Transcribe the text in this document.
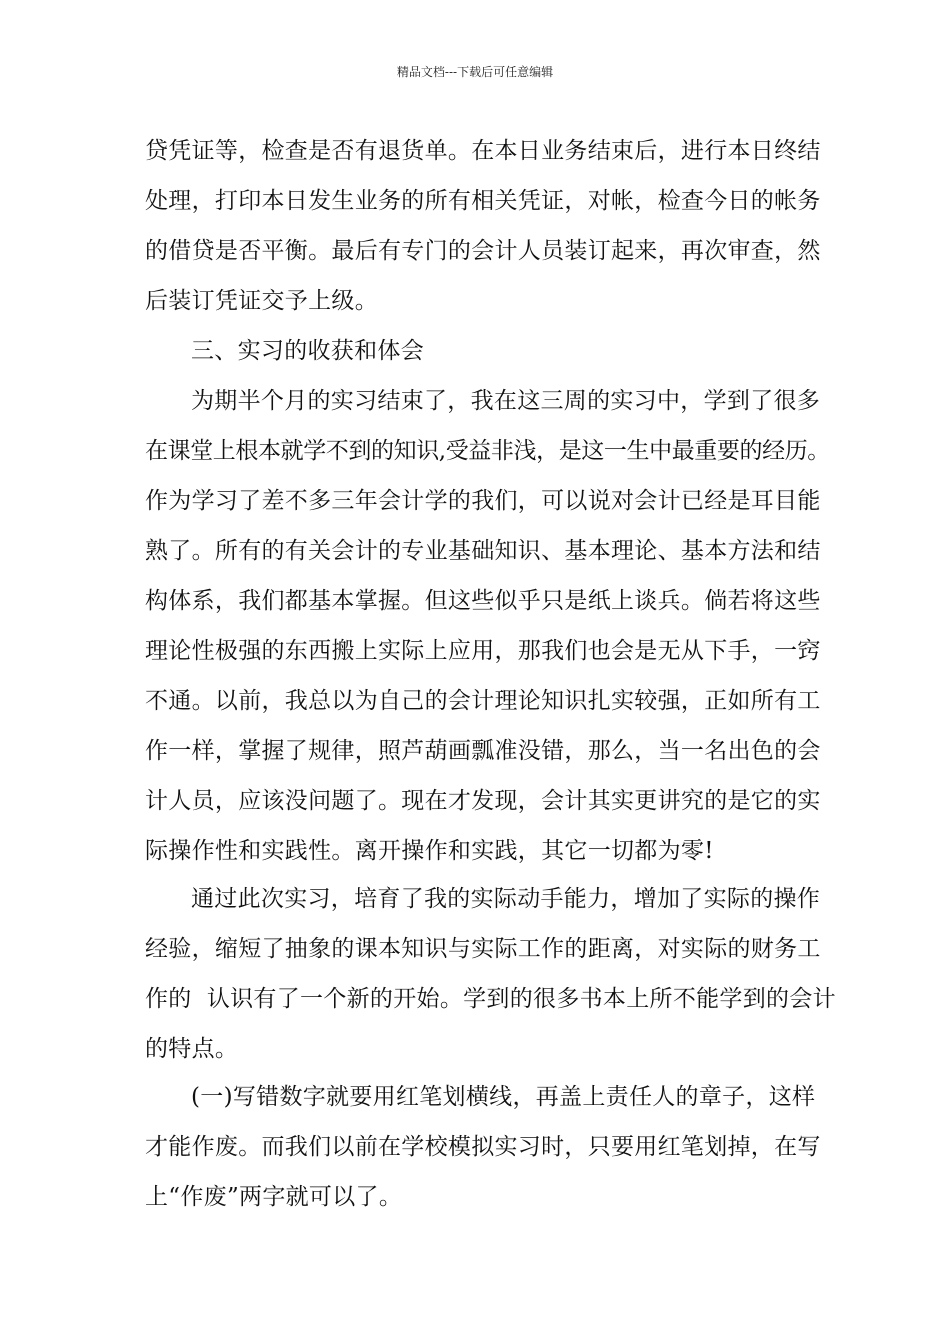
精品文档---下载后可任意编辑
贷凭证等，检查是否有退货单。在本日业务结束后，进行本日终结
处理，打印本日发生业务的所有相关凭证，对帐，检查今日的帐务
的借贷是否平衡。最后有专门的会计人员装订起来，再次审查，然
后装订凭证交予上级。
三、实习的收获和体会
为期半个月的实习结束了，我在这三周的实习中，学到了很多
在课堂上根本就学不到的知识,受益非浅，是这一生中最重要的经历。
作为学习了差不多三年会计学的我们，可以说对会计已经是耳目能
熟了。所有的有关会计的专业基础知识、基本理论、基本方法和结
构体系，我们都基本掌握。但这些似乎只是纸上谈兵。倘若将这些
理论性极强的东西搬上实际上应用，那我们也会是无从下手，一窍
不通。以前，我总以为自己的会计理论知识扎实较强，正如所有工
作一样，掌握了规律，照芦葫画瓢准没错，那么，当一名出色的会
计人员，应该没问题了。现在才发现，会计其实更讲究的是它的实
际操作性和实践性。离开操作和实践，其它一切都为零!
通过此次实习，培育了我的实际动手能力，增加了实际的操作
经验，缩短了抽象的课本知识与实际工作的距离，对实际的财务工
作的  认识有了一个新的开始。学到的很多书本上所不能学到的会计
的特点。
(一)写错数字就要用红笔划横线，再盖上责任人的章子，这样
才能作废。而我们以前在学校模拟实习时，只要用红笔划掉，在写
上“作废”两字就可以了。
